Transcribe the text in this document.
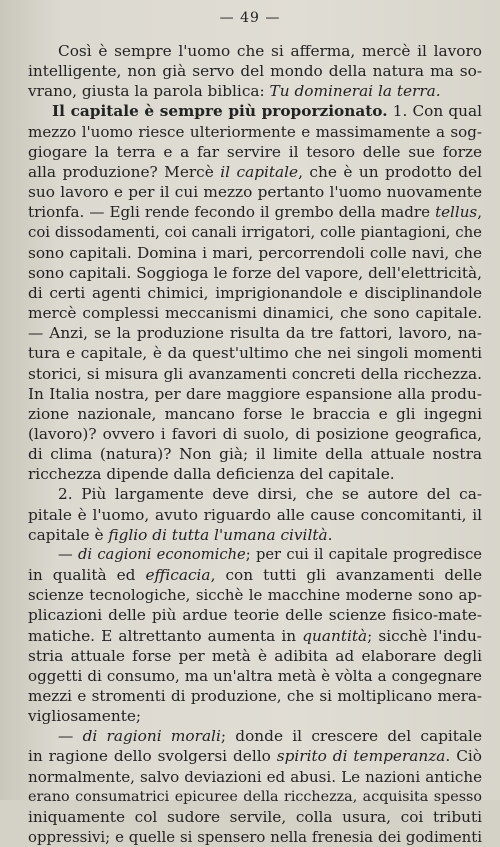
— 49 —
Così è sempre l'uomo che si afferma, mercè il lavoro
intelligente, non già servo del mondo della natura ma so-
vrano, giusta la parola biblica: Tu dominerai la terra.
Il capitale è sempre più proporzionato. 1. Con qual
mezzo l'uomo riesce ulteriormente e massimamente a sog-
giogare la terra e a far servire il tesoro delle sue forze
alla produzione? Mercè il capitale, che è un prodotto del
suo lavoro e per il cui mezzo pertanto l'uomo nuovamente
trionfa. — Egli rende fecondo il grembo della madre tellus,
coi dissodamenti, coi canali irrigatori, colle piantagioni, che
sono capitali. Domina i mari, percorrendoli colle navi, che
sono capitali. Soggioga le forze del vapore, dell'elettricità,
di certi agenti chimici, imprigionandole e disciplinandole
mercè complessi meccanismi dinamici, che sono capitale.
— Anzi, se la produzione risulta da tre fattori, lavoro, na-
tura e capitale, è da quest'ultimo che nei singoli momenti
storici, si misura gli avanzamenti concreti della ricchezza.
In Italia nostra, per dare maggiore espansione alla produ-
zione nazionale, mancano forse le braccia e gli ingegni
(lavoro)? ovvero i favori di suolo, di posizione geografica,
di clima (natura)? Non già; il limite della attuale nostra
ricchezza dipende dalla deficienza del capitale.
2. Più largamente deve dirsi, che se autore del ca-
pitale è l'uomo, avuto riguardo alle cause concomitanti, il
capitale è figlio di tutta l'umana civiltà.
— di cagioni economiche; per cui il capitale progredisce
in qualità ed efficacia, con tutti gli avanzamenti delle
scienze tecnologiche, sicchè le macchine moderne sono ap-
plicazioni delle più ardue teorie delle scienze fisico-mate-
matiche. E altrettanto aumenta in quantità; sicchè l'indu-
stria attuale forse per metà è adibita ad elaborare degli
oggetti di consumo, ma un'altra metà è vòlta a congegnare
mezzi e stromenti di produzione, che si moltiplicano mera-
vigliosamente;
— di ragioni morali; donde il crescere del capitale
in ragione dello svolgersi dello spirito di temperanza. Ciò
normalmente, salvo deviazioni ed abusi. Le nazioni antiche
erano consumatrici epicuree della ricchezza, acquisita spesso
iniquamente col sudore servile, colla usura, coi tributi
oppressivi; e quelle si spensero nella frenesia dei godimenti
